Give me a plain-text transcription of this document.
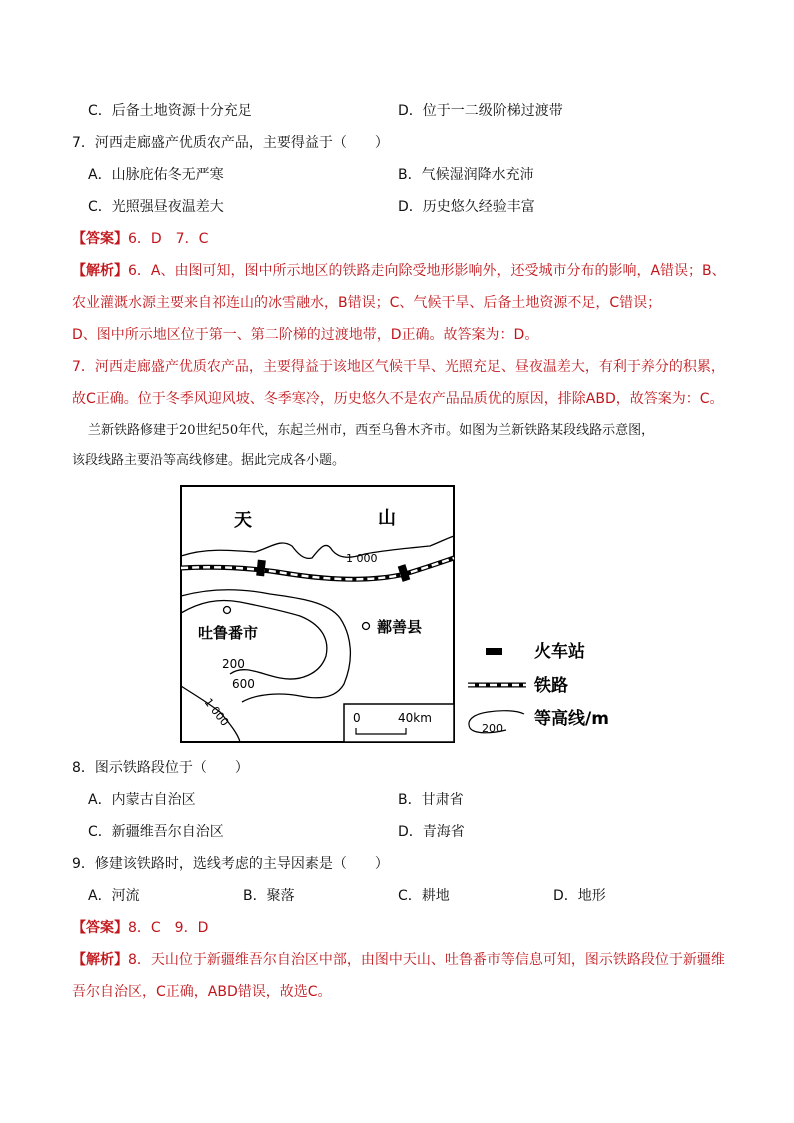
C．后备土地资源十分充足	D．位于一二级阶梯过渡带
7．河西走廊盛产优质农产品，主要得益于（　　）
A．山脉庇佑冬无严寒	B．气候湿润降水充沛
C．光照强昼夜温差大	D．历史悠久经验丰富
【答案】6．D　7．C
【解析】6．A、由图可知，图中所示地区的铁路走向除受地形影响外，还受城市分布的影响，A错误；B、
农业灌溉水源主要来自祁连山的冰雪融水，B错误；C、气候干旱、后备土地资源不足，C错误；
D、图中所示地区位于第一、第二阶梯的过渡地带，D正确。故答案为：D。
7．河西走廊盛产优质农产品，主要得益于该地区气候干旱、光照充足、昼夜温差大，有利于养分的积累，
故C正确。位于冬季风迎风坡、冬季寒冷，历史悠久不是农产品品质优的原因，排除ABD，故答案为：C。
兰新铁路修建于20世纪50年代，东起兰州市，西至乌鲁木齐市。如图为兰新铁路某段线路示意图，
该段线路主要沿等高线修建。据此完成各小题。
天	山
1 000
吐鲁番市	鄯善县
200
600
1 000	0	40km
火车站
铁路
200 等高线/m
8．图示铁路段位于（　　）
A．内蒙古自治区	B．甘肃省
C．新疆维吾尔自治区	D．青海省
9．修建该铁路时，选线考虑的主导因素是（　　）
A．河流	B．聚落	C．耕地	D．地形
【答案】8．C　9．D
【解析】8．天山位于新疆维吾尔自治区中部，由图中天山、吐鲁番市等信息可知，图示铁路段位于新疆维
吾尔自治区，C正确，ABD错误，故选C。
